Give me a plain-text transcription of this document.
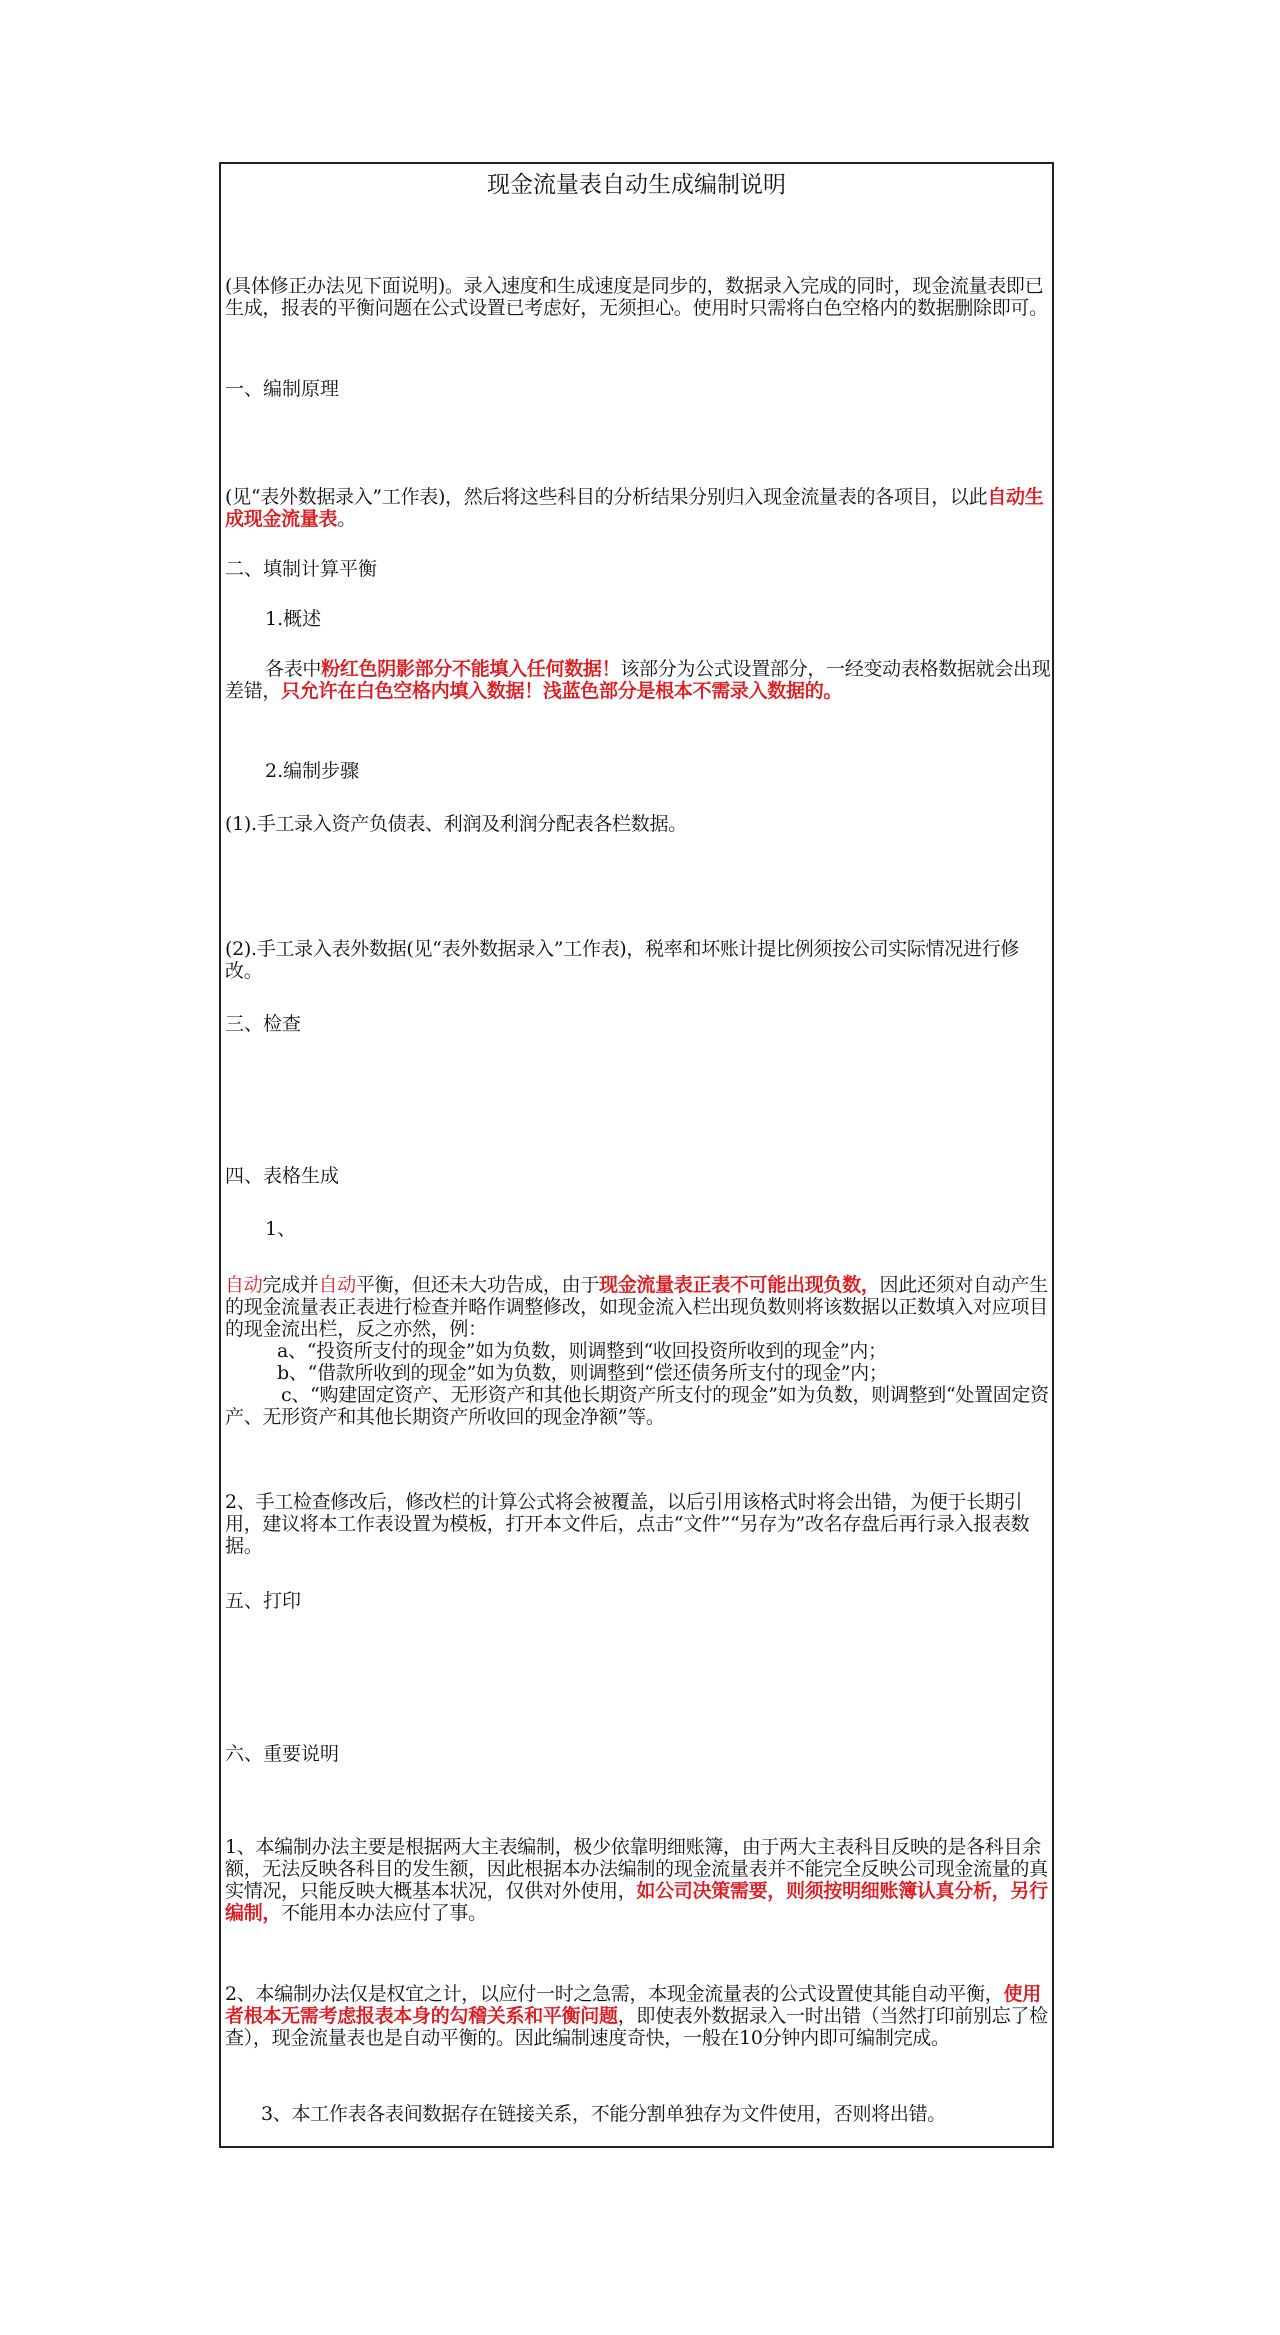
现金流量表自动生成编制说明
(具体修正办法见下面说明)。录入速度和生成速度是同步的，数据录入完成的同时，现金流量表即已生成，报表的平衡问题在公式设置已考虑好，无须担心。使用时只需将白色空格内的数据删除即可。
一、编制原理
(见“表外数据录入”工作表)，然后将这些科目的分析结果分别归入现金流量表的各项目，以此自动生成现金流量表。
二、填制计算平衡
1.概述
各表中粉红色阴影部分不能填入任何数据！该部分为公式设置部分，一经变动表格数据就会出现差错，只允许在白色空格内填入数据！浅蓝色部分是根本不需录入数据的。
2.编制步骤
(1).手工录入资产负债表、利润及利润分配表各栏数据。
(2).手工录入表外数据(见“表外数据录入”工作表)，税率和坏账计提比例须按公司实际情况进行修改。
三、检查
四、表格生成
1、
自动完成并自动平衡，但还未大功告成，由于现金流量表正表不可能出现负数，因此还须对自动产生的现金流量表正表进行检查并略作调整修改，如现金流入栏出现负数则将该数据以正数填入对应项目的现金流出栏，反之亦然，例：
a、“投资所支付的现金”如为负数，则调整到“收回投资所收到的现金”内；
b、“借款所收到的现金”如为负数，则调整到“偿还债务所支付的现金”内；
c、“购建固定资产、无形资产和其他长期资产所支付的现金”如为负数，则调整到“处置固定资产、无形资产和其他长期资产所收回的现金净额”等。
2、手工检查修改后，修改栏的计算公式将会被覆盖，以后引用该格式时将会出错，为便于长期引用，建议将本工作表设置为模板，打开本文件后，点击“文件”“另存为”改名存盘后再行录入报表数据。
五、打印
六、重要说明
1、本编制办法主要是根据两大主表编制，极少依靠明细账簿，由于两大主表科目反映的是各科目余额，无法反映各科目的发生额，因此根据本办法编制的现金流量表并不能完全反映公司现金流量的真实情况，只能反映大概基本状况，仅供对外使用，如公司决策需要，则须按明细账簿认真分析，另行编制，不能用本办法应付了事。
2、本编制办法仅是权宜之计，以应付一时之急需，本现金流量表的公式设置使其能自动平衡，使用者根本无需考虑报表本身的勾稽关系和平衡问题，即使表外数据录入一时出错（当然打印前别忘了检查），现金流量表也是自动平衡的。因此编制速度奇快，一般在10分钟内即可编制完成。
3、本工作表各表间数据存在链接关系，不能分割单独存为文件使用，否则将出错。
